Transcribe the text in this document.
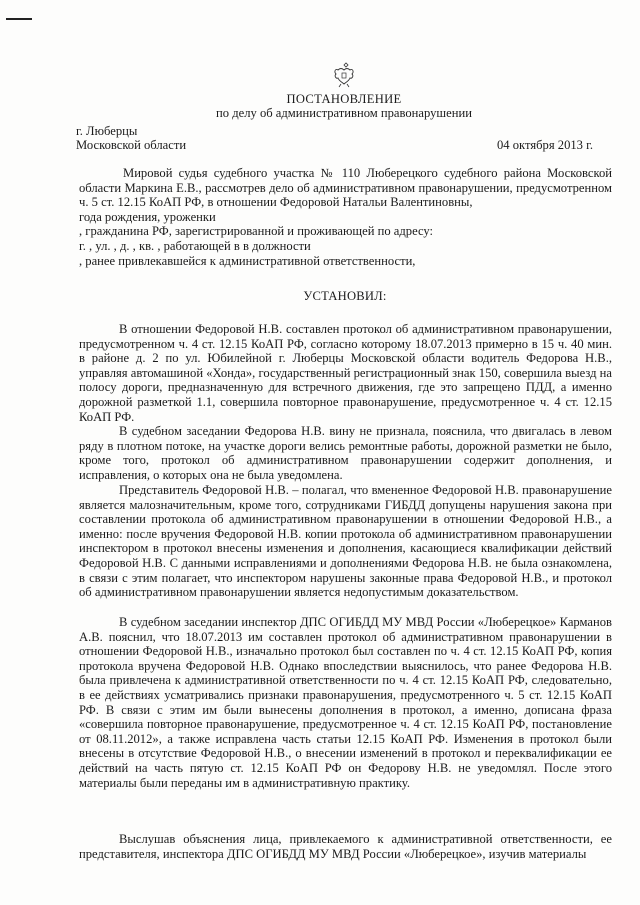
ПОСТАНОВЛЕНИЕ
по делу об административном правонарушении
г. Люберцы
Московской области	04 октября 2013 г.
Мировой судья судебного участка № 110 Люберецкого судебного района Московской области Маркина Е.В., рассмотрев дело об административном правонарушении, предусмотренном ч. 5 ст. 12.15 КоАП РФ, в отношении Федоровой Натальи Валентиновны,
года рождения, уроженки
, гражданина РФ, зарегистрированной и проживающей по адресу:
г. , ул. , д. , кв. , работающей в в должности
, ранее привлекавшейся к административной ответственности,
УСТАНОВИЛ:
В отношении Федоровой Н.В. составлен протокол об административном правонарушении, предусмотренном ч. 4 ст. 12.15 КоАП РФ, согласно которому 18.07.2013 примерно в 15 ч. 40 мин. в районе д. 2 по ул. Юбилейной г. Люберцы Московской области водитель Федорова Н.В., управляя автомашиной «Хонда», государственный регистрационный знак 150, совершила выезд на полосу дороги, предназначенную для встречного движения, где это запрещено ПДД, а именно дорожной разметкой 1.1, совершила повторное правонарушение, предусмотренное ч. 4 ст. 12.15 КоАП РФ.
В судебном заседании Федорова Н.В. вину не признала, пояснила, что двигалась в левом ряду в плотном потоке, на участке дороги велись ремонтные работы, дорожной разметки не было, кроме того, протокол об административном правонарушении содержит дополнения, и исправления, о которых она не была уведомлена.
Представитель Федоровой Н.В. – полагал, что вмененное Федоровой Н.В. правонарушение является малозначительным, кроме того, сотрудниками ГИБДД допущены нарушения закона при составлении протокола об административном правонарушении в отношении Федоровой Н.В., а именно: после вручения Федоровой Н.В. копии протокола об административном правонарушении инспектором в протокол внесены изменения и дополнения, касающиеся квалификации действий Федоровой Н.В. С данными исправлениями и дополнениями Федорова Н.В. не была ознакомлена, в связи с этим полагает, что инспектором нарушены законные права Федоровой Н.В., и протокол об административном правонарушении является недопустимым доказательством.
В судебном заседании инспектор ДПС ОГИБДД МУ МВД России «Люберецкое» Карманов А.В. пояснил, что 18.07.2013 им составлен протокол об административном правонарушении в отношении Федоровой Н.В., изначально протокол был составлен по ч. 4 ст. 12.15 КоАП РФ, копия протокола вручена Федоровой Н.В. Однако впоследствии выяснилось, что ранее Федорова Н.В. была привлечена к административной ответственности по ч. 4 ст. 12.15 КоАП РФ, следовательно, в ее действиях усматривались признаки правонарушения, предусмотренного ч. 5 ст. 12.15 КоАП РФ. В связи с этим им были вынесены дополнения в протокол, а именно, дописана фраза «совершила повторное правонарушение, предусмотренное ч. 4 ст. 12.15 КоАП РФ, постановление от 08.11.2012», а также исправлена часть статьи 12.15 КоАП РФ. Изменения в протокол были внесены в отсутствие Федоровой Н.В., о внесении изменений в протокол и переквалификации ее действий на часть пятую ст. 12.15 КоАП РФ он Федорову Н.В. не уведомлял. После этого материалы были переданы им в административную практику.
Выслушав объяснения лица, привлекаемого к административной ответственности, ее представителя, инспектора ДПС ОГИБДД МУ МВД России «Люберецкое», изучив материалы
